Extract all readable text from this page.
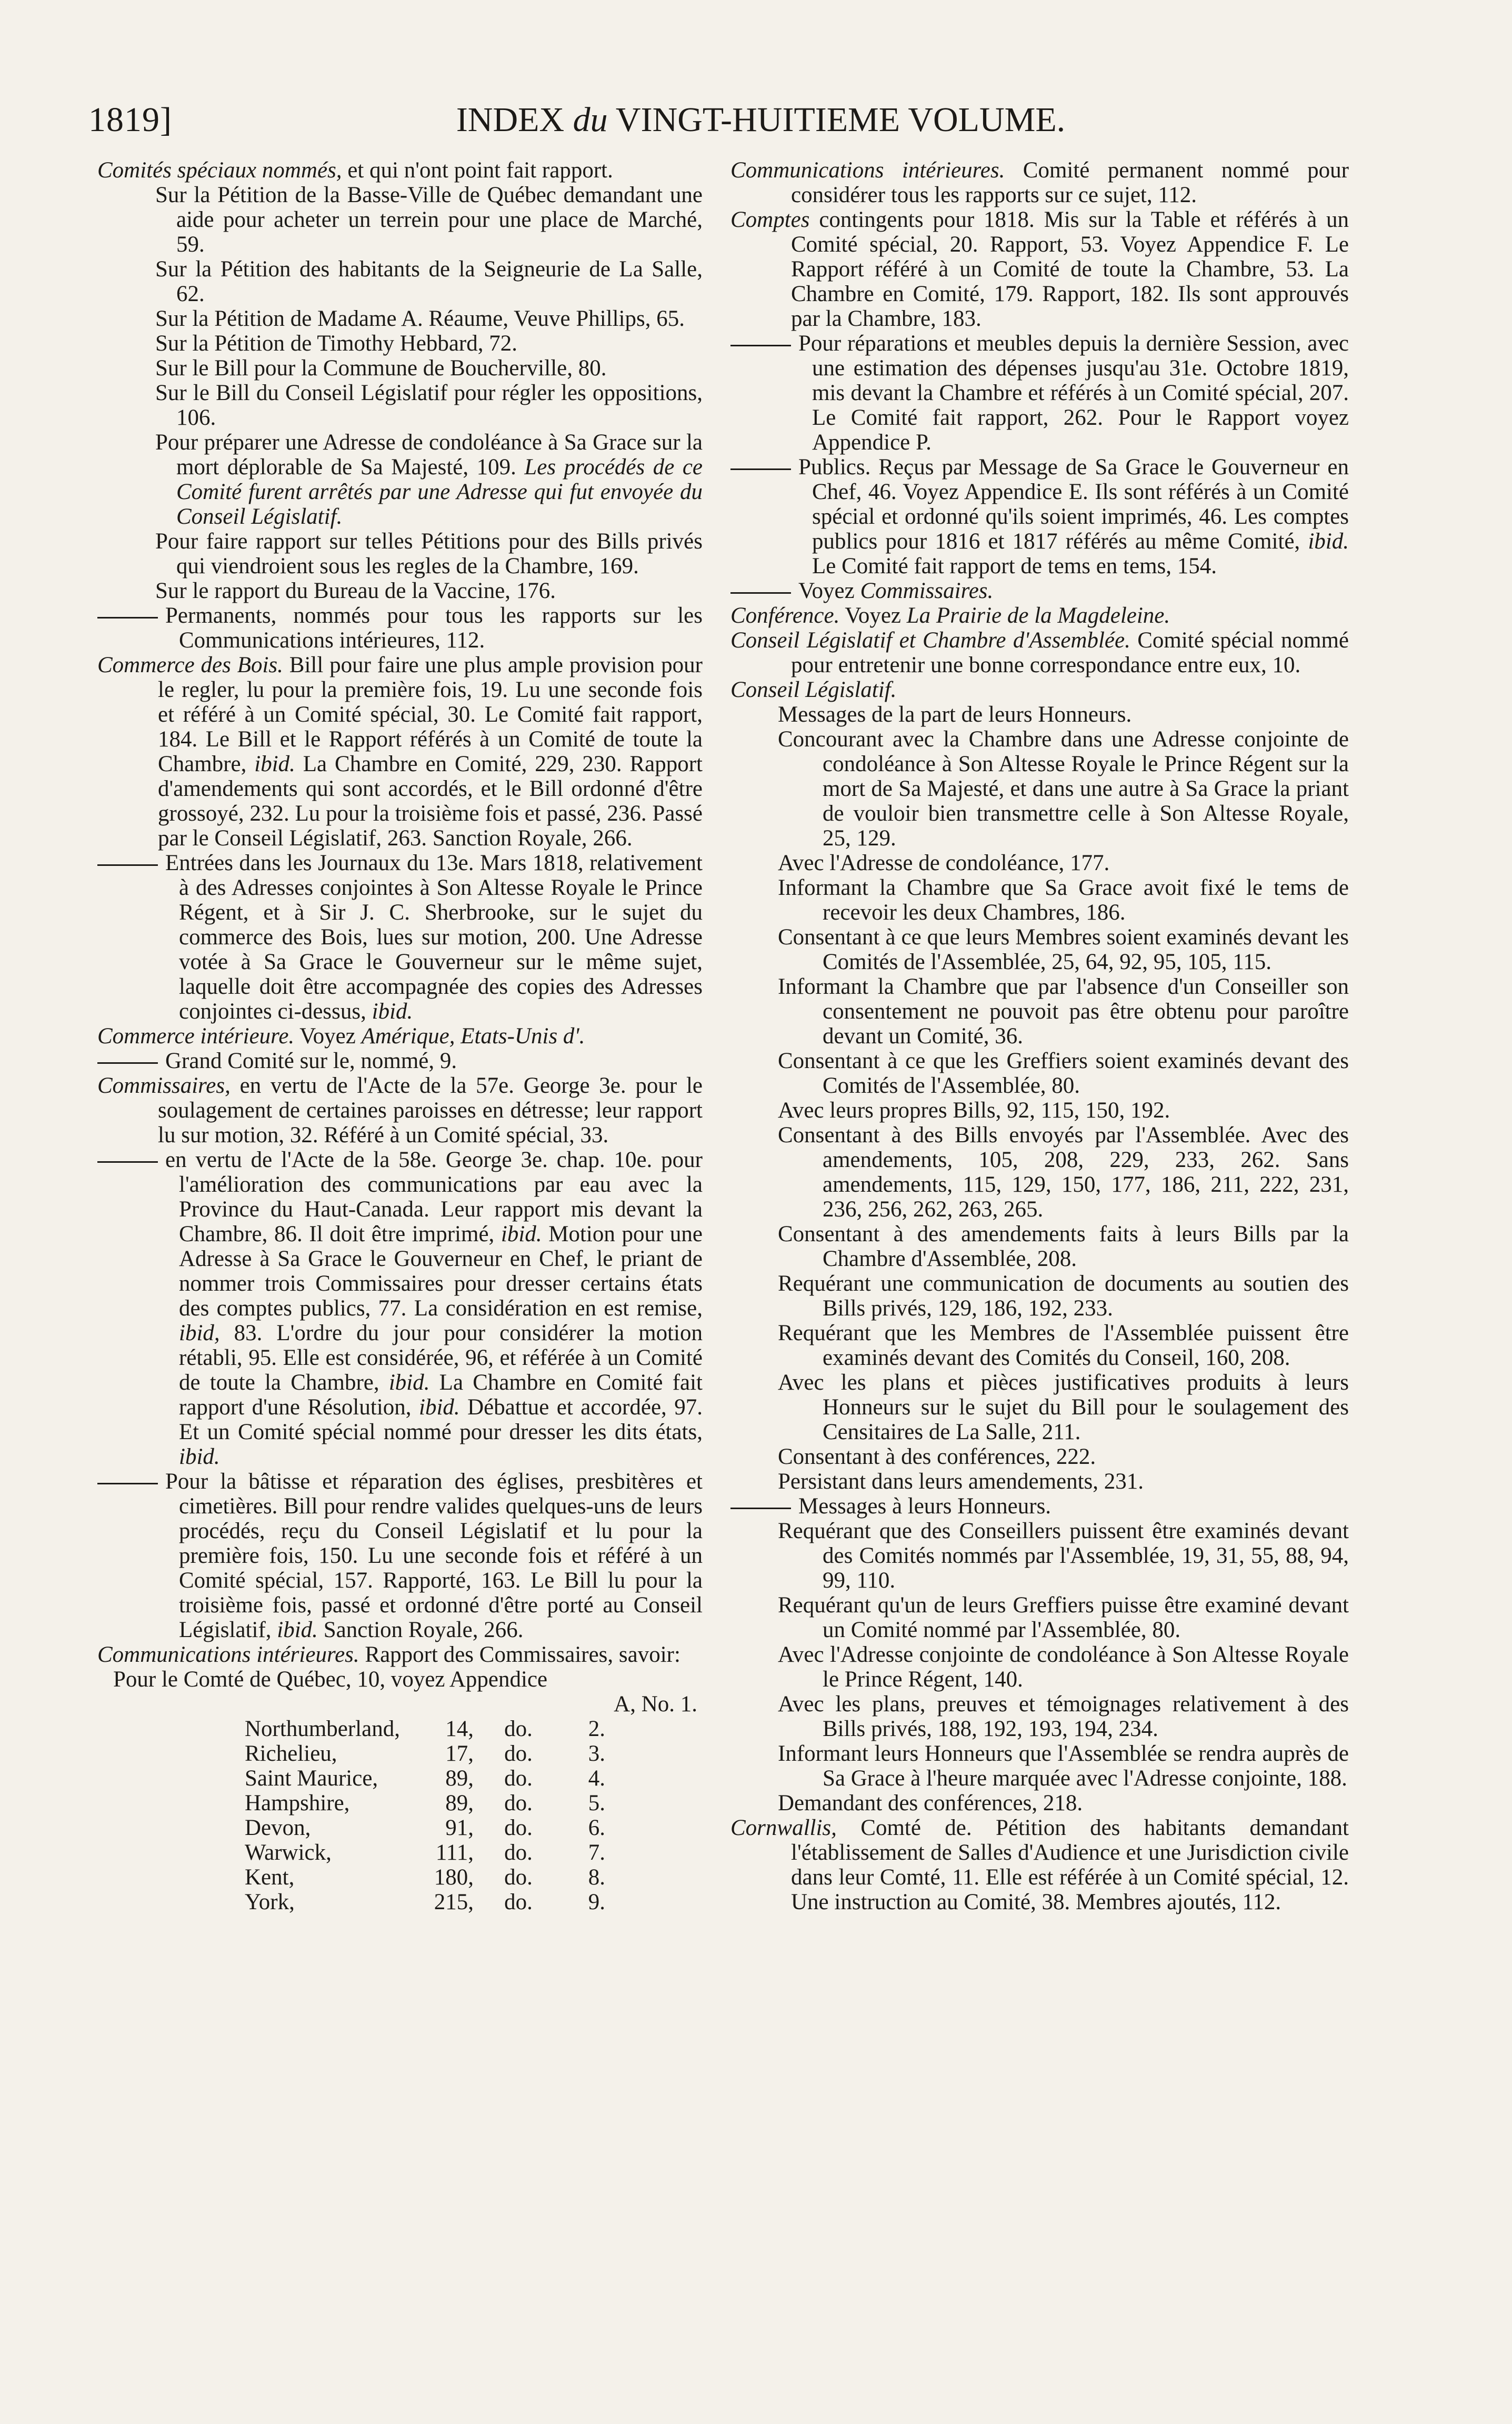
1819]	INDEX du VINGT-HUITIEME VOLUME.

Comités spéciaux nommés, et qui n'ont point fait rapport.

Sur la Pétition de la Basse-Ville de Québec demandant une aide pour acheter un terrein pour une place de Marché, 59.

Sur la Pétition des habitants de la Seigneurie de La Salle, 62.

Sur la Pétition de Madame A. Réaume, Veuve Phillips, 65.

Sur la Pétition de Timothy Hebbard, 72.

Sur le Bill pour la Commune de Boucherville, 80.

Sur le Bill du Conseil Législatif pour régler les oppositions, 106.

Pour préparer une Adresse de condoléance à Sa Grace sur la mort déplorable de Sa Majesté, 109. Les procédés de ce Comité furent arrêtés par une Adresse qui fut envoyée du Conseil Législatif.

Pour faire rapport sur telles Pétitions pour des Bills privés qui viendroient sous les regles de la Chambre, 169.

Sur le rapport du Bureau de la Vaccine, 176.

Permanents, nommés pour tous les rapports sur les Communications intérieures, 112.

Commerce des Bois. Bill pour faire une plus ample provision pour le regler, lu pour la première fois, 19. Lu une seconde fois et référé à un Comité spécial, 30. Le Comité fait rapport, 184. Le Bill et le Rapport référés à un Comité de toute la Chambre, ibid. La Chambre en Comité, 229, 230. Rapport d'amendements qui sont accordés, et le Bill ordonné d'être grossoyé, 232. Lu pour la troisième fois et passé, 236. Passé par le Conseil Législatif, 263. Sanction Royale, 266.

Entrées dans les Journaux du 13e. Mars 1818, relativement à des Adresses conjointes à Son Altesse Royale le Prince Régent, et à Sir J. C. Sherbrooke, sur le sujet du commerce des Bois, lues sur motion, 200. Une Adresse votée à Sa Grace le Gouverneur sur le même sujet, laquelle doit être accompagnée des copies des Adresses conjointes ci-dessus, ibid.

Commerce intérieure. Voyez Amérique, Etats-Unis d'.

Grand Comité sur le, nommé, 9.

Commissaires, en vertu de l'Acte de la 57e. George 3e. pour le soulagement de certaines paroisses en détresse; leur rapport lu sur motion, 32. Référé à un Comité spécial, 33.

en vertu de l'Acte de la 58e. George 3e. chap. 10e. pour l'amélioration des communications par eau avec la Province du Haut-Canada. Leur rapport mis devant la Chambre, 86. Il doit être imprimé, ibid. Motion pour une Adresse à Sa Grace le Gouverneur en Chef, le priant de nommer trois Commissaires pour dresser certains états des comptes publics, 77. La considération en est remise, ibid, 83. L'ordre du jour pour considérer la motion rétabli, 95. Elle est considérée, 96, et référée à un Comité de toute la Chambre, ibid. La Chambre en Comité fait rapport d'une Résolution, ibid. Débattue et accordée, 97. Et un Comité spécial nommé pour dresser les dits états, ibid.

Pour la bâtisse et réparation des églises, presbitères et cimetières. Bill pour rendre valides quelques-uns de leurs procédés, reçu du Conseil Législatif et lu pour la première fois, 150. Lu une seconde fois et référé à un Comité spécial, 157. Rapporté, 163. Le Bill lu pour la troisième fois, passé et ordonné d'être porté au Conseil Législatif, ibid. Sanction Royale, 266.

Communications intérieures. Rapport des Commissaires, savoir:

Pour le Comté de Québec, 10, voyez Appendice

A, No. 1.

Northumberland,	14,	do.	2.
Richelieu,	17,	do.	3.
Saint Maurice,	89,	do.	4.
Hampshire,	89,	do.	5.
Devon,	91,	do.	6.
Warwick,	111,	do.	7.
Kent,	180,	do.	8.
York,	215,	do.	9.

Communications intérieures. Comité permanent nommé pour considérer tous les rapports sur ce sujet, 112.

Comptes contingents pour 1818. Mis sur la Table et référés à un Comité spécial, 20. Rapport, 53. Voyez Appendice F. Le Rapport référé à un Comité de toute la Chambre, 53. La Chambre en Comité, 179. Rapport, 182. Ils sont approuvés par la Chambre, 183.

Pour réparations et meubles depuis la dernière Session, avec une estimation des dépenses jusqu'au 31e. Octobre 1819, mis devant la Chambre et référés à un Comité spécial, 207. Le Comité fait rapport, 262. Pour le Rapport voyez Appendice P.

Publics. Reçus par Message de Sa Grace le Gouverneur en Chef, 46. Voyez Appendice E. Ils sont référés à un Comité spécial et ordonné qu'ils soient imprimés, 46. Les comptes publics pour 1816 et 1817 référés au même Comité, ibid. Le Comité fait rapport de tems en tems, 154.

Voyez Commissaires.

Conférence. Voyez La Prairie de la Magdeleine.

Conseil Législatif et Chambre d'Assemblée. Comité spécial nommé pour entretenir une bonne correspondance entre eux, 10.

Conseil Législatif.

Messages de la part de leurs Honneurs.

Concourant avec la Chambre dans une Adresse conjointe de condoléance à Son Altesse Royale le Prince Régent sur la mort de Sa Majesté, et dans une autre à Sa Grace la priant de vouloir bien transmettre celle à Son Altesse Royale, 25, 129.

Avec l'Adresse de condoléance, 177.

Informant la Chambre que Sa Grace avoit fixé le tems de recevoir les deux Chambres, 186.

Consentant à ce que leurs Membres soient examinés devant les Comités de l'Assemblée, 25, 64, 92, 95, 105, 115.

Informant la Chambre que par l'absence d'un Conseiller son consentement ne pouvoit pas être obtenu pour paroître devant un Comité, 36.

Consentant à ce que les Greffiers soient examinés devant des Comités de l'Assemblée, 80.

Avec leurs propres Bills, 92, 115, 150, 192.

Consentant à des Bills envoyés par l'Assemblée. Avec des amendements, 105, 208, 229, 233, 262. Sans amendements, 115, 129, 150, 177, 186, 211, 222, 231, 236, 256, 262, 263, 265.

Consentant à des amendements faits à leurs Bills par la Chambre d'Assemblée, 208.

Requérant une communication de documents au soutien des Bills privés, 129, 186, 192, 233.

Requérant que les Membres de l'Assemblée puissent être examinés devant des Comités du Conseil, 160, 208.

Avec les plans et pièces justificatives produits à leurs Honneurs sur le sujet du Bill pour le soulagement des Censitaires de La Salle, 211.

Consentant à des conférences, 222.

Persistant dans leurs amendements, 231.

Messages à leurs Honneurs.

Requérant que des Conseillers puissent être examinés devant des Comités nommés par l'Assemblée, 19, 31, 55, 88, 94, 99, 110.

Requérant qu'un de leurs Greffiers puisse être examiné devant un Comité nommé par l'Assemblée, 80.

Avec l'Adresse conjointe de condoléance à Son Altesse Royale le Prince Régent, 140.

Avec les plans, preuves et témoignages relativement à des Bills privés, 188, 192, 193, 194, 234.

Informant leurs Honneurs que l'Assemblée se rendra auprès de Sa Grace à l'heure marquée avec l'Adresse conjointe, 188.

Demandant des conférences, 218.

Cornwallis, Comté de. Pétition des habitants demandant l'établissement de Salles d'Audience et une Jurisdiction civile dans leur Comté, 11. Elle est référée à un Comité spécial, 12. Une instruction au Comité, 38. Membres ajoutés, 112.
